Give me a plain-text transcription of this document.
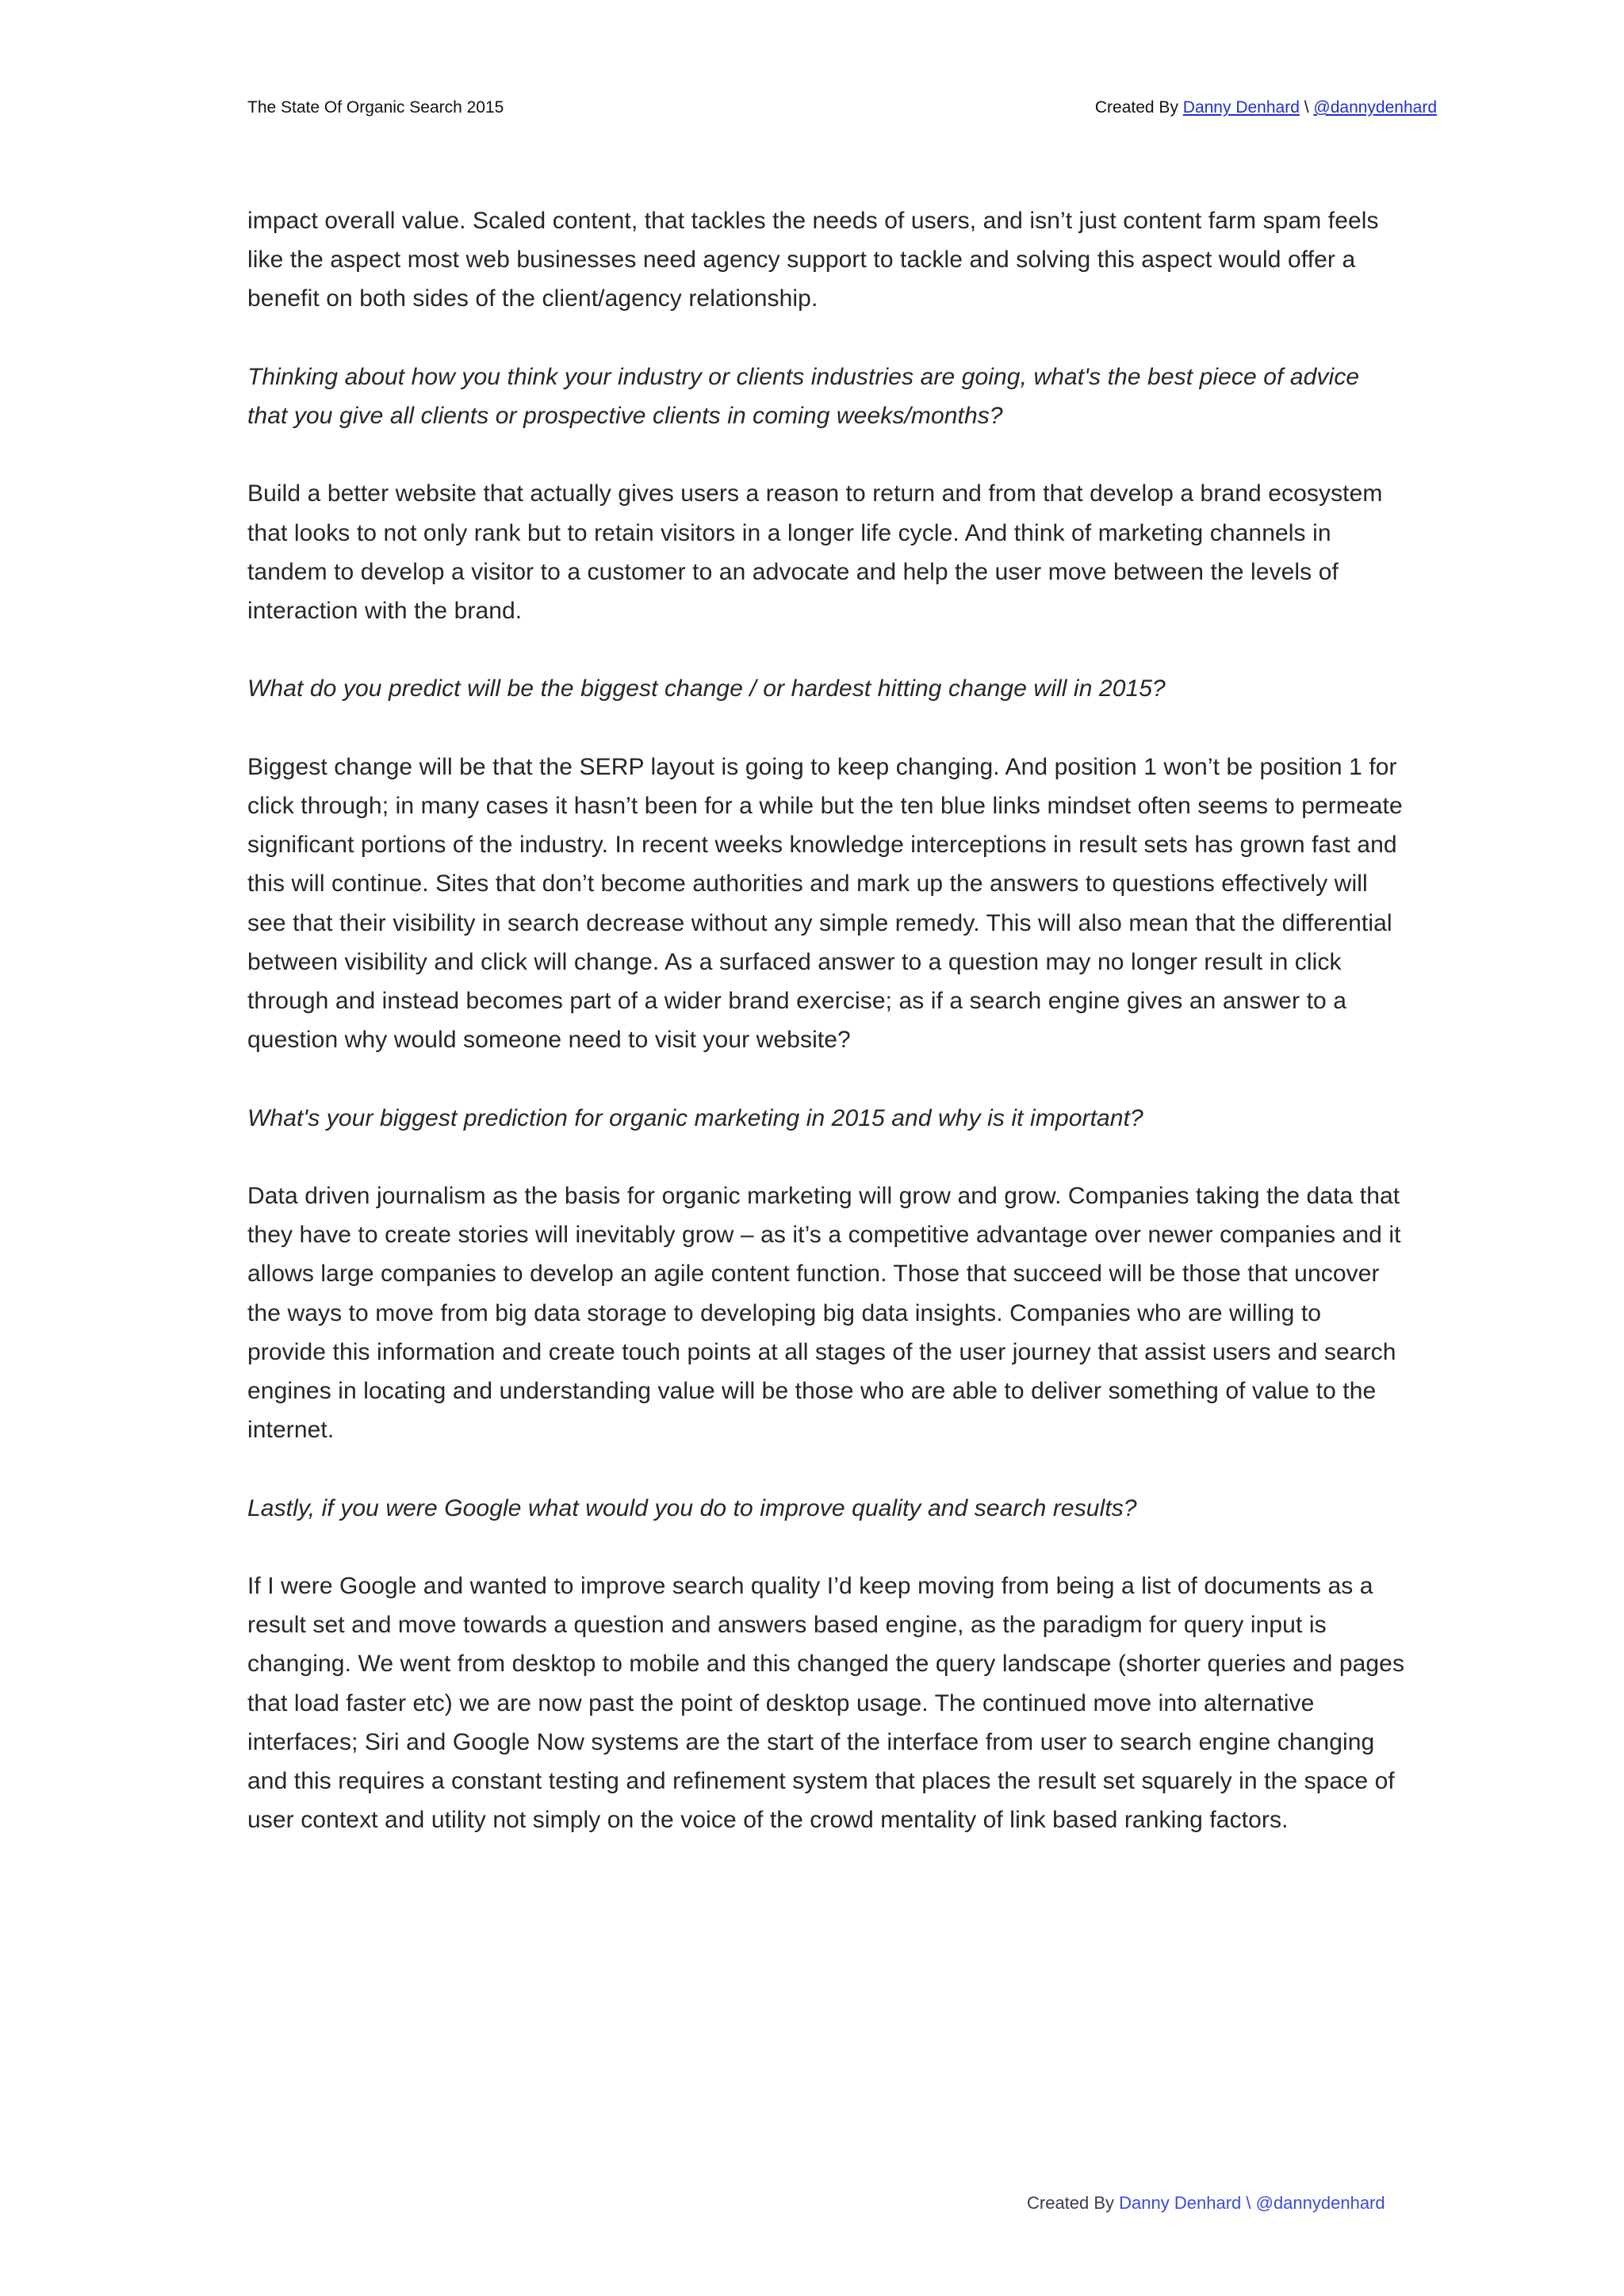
The State Of Organic Search 2015	Created By Danny Denhard \ @dannydenhard

impact overall value. Scaled content, that tackles the needs of users, and isn’t just content farm spam feels like the aspect most web businesses need agency support to tackle and solving this aspect would offer a benefit on both sides of the client/agency relationship.

Thinking about how you think your industry or clients industries are going, what's the best piece of advice that you give all clients or prospective clients in coming weeks/months?

Build a better website that actually gives users a reason to return and from that develop a brand ecosystem that looks to not only rank but to retain visitors in a longer life cycle. And think of marketing channels in tandem to develop a visitor to a customer to an advocate and help the user move between the levels of interaction with the brand.

What do you predict will be the biggest change / or hardest hitting change will in 2015?

Biggest change will be that the SERP layout is going to keep changing. And position 1 won’t be position 1 for click through; in many cases it hasn’t been for a while but the ten blue links mindset often seems to permeate significant portions of the industry. In recent weeks knowledge interceptions in result sets has grown fast and this will continue. Sites that don’t become authorities and mark up the answers to questions effectively will see that their visibility in search decrease without any simple remedy. This will also mean that the differential between visibility and click will change. As a surfaced answer to a question may no longer result in click through and instead becomes part of a wider brand exercise; as if a search engine gives an answer to a question why would someone need to visit your website?

What's your biggest prediction for organic marketing in 2015 and why is it important?

Data driven journalism as the basis for organic marketing will grow and grow. Companies taking the data that they have to create stories will inevitably grow – as it’s a competitive advantage over newer companies and it allows large companies to develop an agile content function. Those that succeed will be those that uncover the ways to move from big data storage to developing big data insights. Companies who are willing to provide this information and create touch points at all stages of the user journey that assist users and search engines in locating and understanding value will be those who are able to deliver something of value to the internet.

Lastly, if you were Google what would you do to improve quality and search results?

If I were Google and wanted to improve search quality I’d keep moving from being a list of documents as a result set and move towards a question and answers based engine, as the paradigm for query input is changing. We went from desktop to mobile and this changed the query landscape (shorter queries and pages that load faster etc) we are now past the point of desktop usage. The continued move into alternative interfaces; Siri and Google Now systems are the start of the interface from user to search engine changing and this requires a constant testing and refinement system that places the result set squarely in the space of user context and utility not simply on the voice of the crowd mentality of link based ranking factors.

Created By Danny Denhard \ @dannydenhard
